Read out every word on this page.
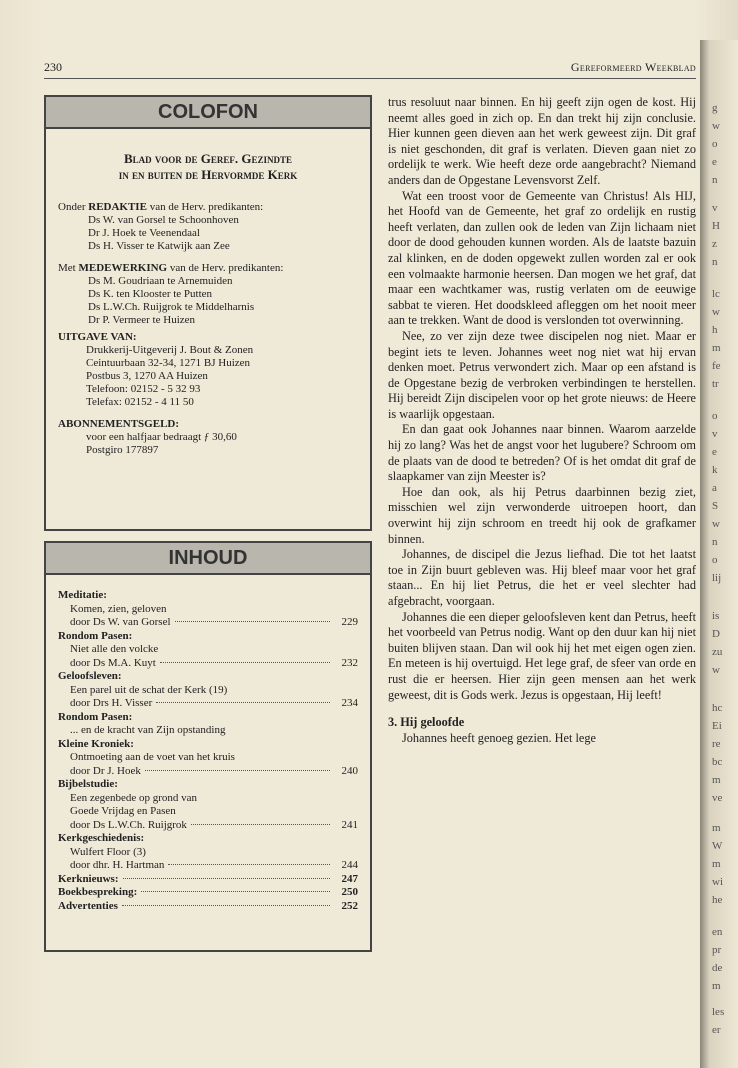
230	Gereformeerd Weekblad
COLOFON
Blad voor de Geref. Gezindte
in en buiten de Hervormde Kerk
Onder REDAKTIE van de Herv. predikanten:
Ds W. van Gorsel te Schoonhoven
Dr J. Hoek te Veenendaal
Ds H. Visser te Katwijk aan Zee
Met MEDEWERKING van de Herv. predikanten:
Ds M. Goudriaan te Arnemuiden
Ds K. ten Klooster te Putten
Ds L.W.Ch. Ruijgrok te Middelharnis
Dr P. Vermeer te Huizen
UITGAVE VAN:
Drukkerij-Uitgeverij J. Bout & Zonen
Ceintuurbaan 32-34, 1271 BJ Huizen
Postbus 3, 1270 AA Huizen
Telefoon: 02152 - 5 32 93
Telefax: 02152 - 4 11 50
ABONNEMENTSGELD:
voor een halfjaar bedraagt ƒ 30,60
Postgiro 177897
INHOUD
Meditatie:
Komen, zien, geloven
door Ds W. van Gorsel	229
Rondom Pasen:
Niet alle den volcke
door Ds M.A. Kuyt	232
Geloofsleven:
Een parel uit de schat der Kerk (19)
door Drs H. Visser	234
Rondom Pasen:
... en de kracht van Zijn opstanding
Kleine Kroniek:
Ontmoeting aan de voet van het kruis
door Dr J. Hoek	240
Bijbelstudie:
Een zegenbede op grond van
Goede Vrijdag en Pasen
door Ds L.W.Ch. Ruijgrok	241
Kerkgeschiedenis:
Wulfert Floor (3)
door dhr. H. Hartman	244
Kerknieuws:	247
Boekbespreking:	250
Advertenties	252

trus resoluut naar binnen. En hij geeft zijn ogen de kost. Hij neemt alles goed in zich op. En dan trekt hij zijn conclusie. Hier kunnen geen dieven aan het werk geweest zijn. Dit graf is niet geschonden, dit graf is verlaten. Dieven gaan niet zo ordelijk te werk. Wie heeft deze orde aangebracht? Niemand anders dan de Opgestane Levensvorst Zelf.

Wat een troost voor de Gemeente van Christus! Als HIJ, het Hoofd van de Gemeente, het graf zo ordelijk en rustig heeft verlaten, dan zullen ook de leden van Zijn lichaam niet door de dood gehouden kunnen worden. Als de laatste bazuin zal klinken, en de doden opgewekt zullen worden zal er ook een volmaakte harmonie heersen. Dan mogen we het graf, dat maar een wachtkamer was, rustig verlaten om de eeuwige sabbat te vieren. Het doodskleed afleggen om het nooit meer aan te trekken. Want de dood is verslonden tot overwinning.

Nee, zo ver zijn deze twee discipelen nog niet. Maar er begint iets te leven. Johannes weet nog niet wat hij ervan denken moet. Petrus verwondert zich. Maar op een afstand is de Opgestane bezig de verbroken verbindingen te herstellen. Hij bereidt Zijn discipelen voor op het grote nieuws: de Heere is waarlijk opgestaan.

En dan gaat ook Johannes naar binnen. Waarom aarzelde hij zo lang? Was het de angst voor het lugubere? Schroom om de plaats van de dood te betreden? Of is het omdat dit graf de slaapkamer van zijn Meester is?

Hoe dan ook, als hij Petrus daarbinnen bezig ziet, misschien wel zijn verwonderde uitroepen hoort, dan overwint hij zijn schroom en treedt hij ook de grafkamer binnen.

Johannes, de discipel die Jezus liefhad. Die tot het laatst toe in Zijn buurt gebleven was. Hij bleef maar voor het graf staan... En hij liet Petrus, die het er veel slechter had afgebracht, voorgaan.

Johannes die een dieper geloofsleven kent dan Petrus, heeft het voorbeeld van Petrus nodig. Want op den duur kan hij niet buiten blijven staan. Dan wil ook hij het met eigen ogen zien. En meteen is hij overtuigd. Het lege graf, de sfeer van orde en rust die er heersen. Hier zijn geen mensen aan het werk geweest, dit is Gods werk. Jezus is opgestaan, Hij leeft!

3. Hij geloofde

Johannes heeft genoeg gezien. Het lege

g
w
o
e
n
v
H
z
n
lc
w
h
m
fe
tr
o
v
e
k
a
S
w
n
o
lij
is
D
zu
w
hc
Ei
re
bc
m
ve
m
W
m
wi
he
en
pr
de
m
les
er
